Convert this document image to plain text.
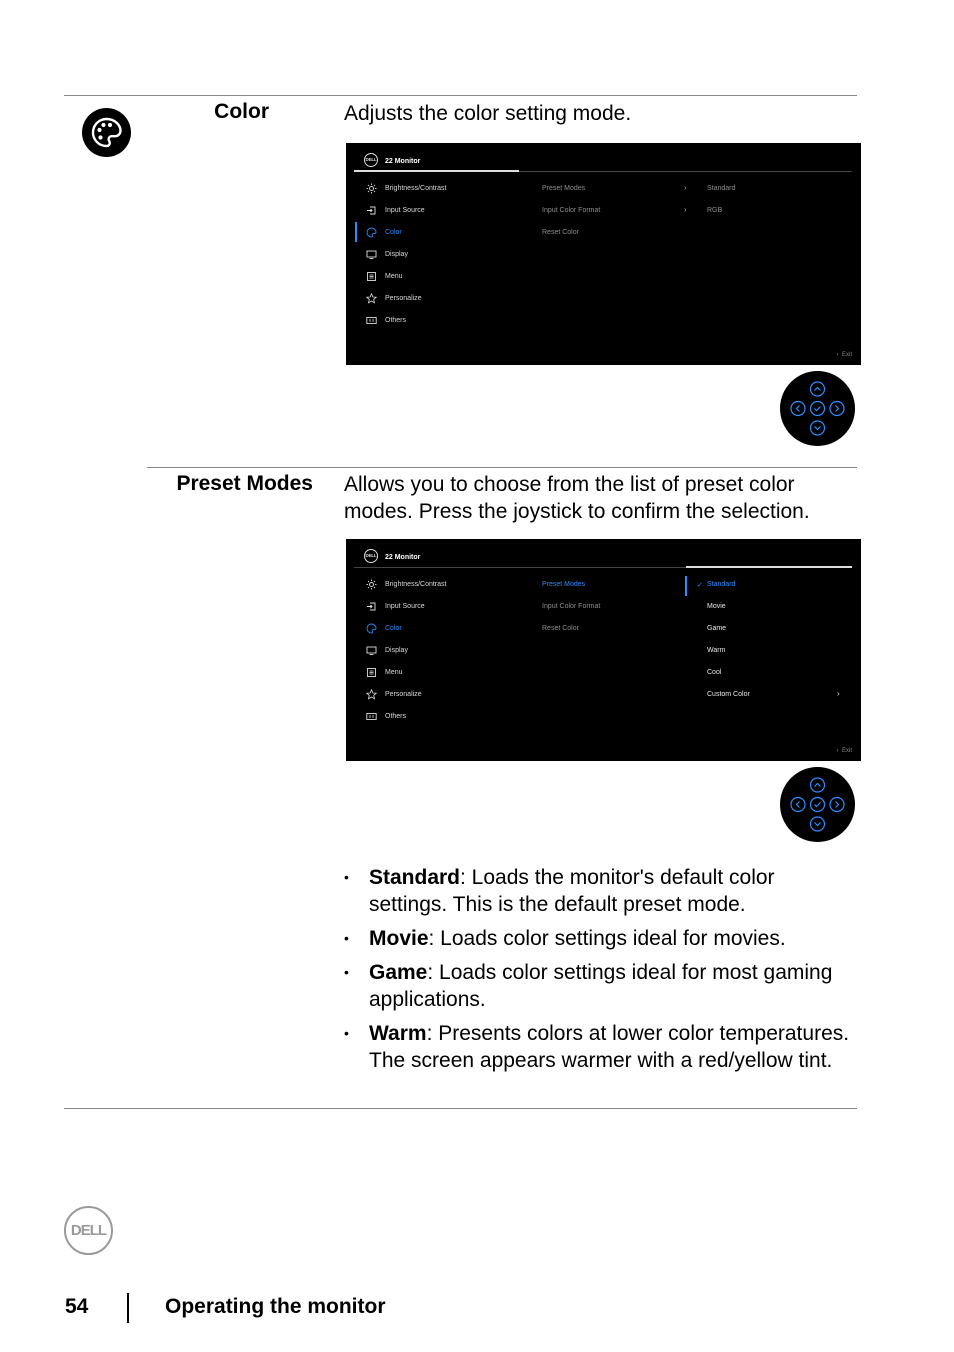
Color	Adjusts the color setting mode.
DELL 22 Monitor
Brightness/Contrast
Input Source
Color
Display
Menu
Personalize
Others
Preset Modes
Input Color Format
Reset Color
›
›
Standard
RGB
‹ Exit
Preset Modes Allows you to choose from the list of preset color modes. Press the joystick to confirm the selection.
DELL 22 Monitor
Brightness/Contrast
Input Source
Color
Display
Menu
Personalize
Others
Preset Modes
Input Color Format
Reset Color
✓ Standard
Movie
Game
Warm
Cool
Custom Color	›
‹ Exit
• Standard: Loads the monitor's default color settings. This is the default preset mode.
• Movie: Loads color settings ideal for movies.
• Game: Loads color settings ideal for most gaming applications.
• Warm: Presents colors at lower color temperatures. The screen appears warmer with a red/yellow tint.
DELL
54	Operating the monitor
